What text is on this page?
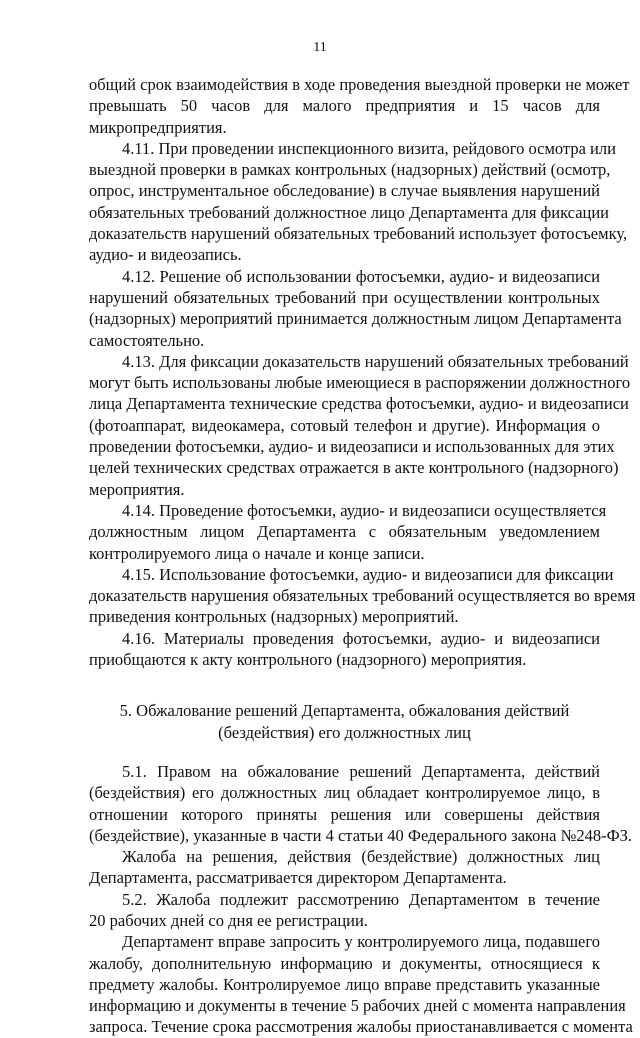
11
общий срок взаимодействия в ходе проведения выездной проверки не может
превышать 50 часов для малого предприятия и 15 часов для
микропредприятия.
4.11. При проведении инспекционного визита, рейдового осмотра или
выездной проверки в рамках контрольных (надзорных) действий (осмотр,
опрос, инструментальное обследование) в случае выявления нарушений
обязательных требований должностное лицо Департамента для фиксации
доказательств нарушений обязательных требований использует фотосъемку,
аудио- и видеозапись.
4.12. Решение об использовании фотосъемки, аудио- и видеозаписи
нарушений обязательных требований при осуществлении контрольных
(надзорных) мероприятий принимается должностным лицом Департамента
самостоятельно.
4.13. Для фиксации доказательств нарушений обязательных требований
могут быть использованы любые имеющиеся в распоряжении должностного
лица Департамента технические средства фотосъемки, аудио- и видеозаписи
(фотоаппарат, видеокамера, сотовый телефон и другие). Информация о
проведении фотосъемки, аудио- и видеозаписи и использованных для этих
целей технических средствах отражается в акте контрольного (надзорного)
мероприятия.
4.14. Проведение фотосъемки, аудио- и видеозаписи осуществляется
должностным лицом Департамента с обязательным уведомлением
контролируемого лица о начале и конце записи.
4.15. Использование фотосъемки, аудио- и видеозаписи для фиксации
доказательств нарушения обязательных требований осуществляется во время
приведения контрольных (надзорных) мероприятий.
4.16. Материалы проведения фотосъемки, аудио- и видеозаписи
приобщаются к акту контрольного (надзорного) мероприятия.
5. Обжалование решений Департамента, обжалования действий
(бездействия) его должностных лиц
5.1. Правом на обжалование решений Департамента, действий
(бездействия) его должностных лиц обладает контролируемое лицо, в
отношении которого приняты решения или совершены действия
(бездействие), указанные в части 4 статьи 40 Федерального закона №248-ФЗ.
Жалоба на решения, действия (бездействие) должностных лиц
Департамента, рассматривается директором Департамента.
5.2. Жалоба подлежит рассмотрению Департаментом в течение
20 рабочих дней со дня ее регистрации.
Департамент вправе запросить у контролируемого лица, подавшего
жалобу, дополнительную информацию и документы, относящиеся к
предмету жалобы. Контролируемое лицо вправе представить указанные
информацию и документы в течение 5 рабочих дней с момента направления
запроса. Течение срока рассмотрения жалобы приостанавливается с момента
